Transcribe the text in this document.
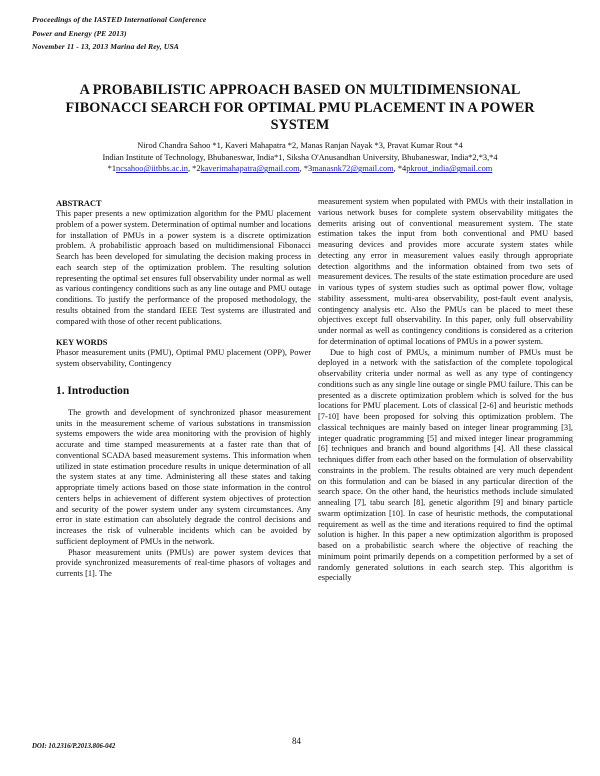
Proceedings of the IASTED International Conference
Power and Energy (PE 2013)
November 11 - 13, 2013 Marina del Rey, USA
A PROBABILISTIC APPROACH BASED ON MULTIDIMENSIONAL FIBONACCI SEARCH FOR OPTIMAL PMU PLACEMENT IN A POWER SYSTEM
Nirod Chandra Sahoo *1, Kaveri Mahapatra *2, Manas Ranjan Nayak *3, Pravat Kumar Rout *4
Indian Institute of Technology, Bhubaneswar, India*1, Siksha O'Anusandhan University, Bhubaneswar, India*2,*3,*4
*1ncsahoo@iitbbs.ac.in, *2kaverimahapatra@gmail.com, *3manasnk72@gmail.com, *4pkrout_india@gmail.com

ABSTRACT

This paper presents a new optimization algorithm for the PMU placement problem of a power system. Determination of optimal number and locations for installation of PMUs in a power system is a discrete optimization problem. A probabilistic approach based on multidimensional Fibonacci Search has been developed for simulating the decision making process in each search step of the optimization problem. The resulting solution representing the optimal set ensures full observability under normal as well as various contingency conditions such as any line outage and PMU outage conditions. To justify the performance of the proposed methodology, the results obtained from the standard IEEE Test systems are illustrated and compared with those of other recent publications.

KEY WORDS

Phasor measurement units (PMU), Optimal PMU placement (OPP), Power system observability, Contingency

1. Introduction

The growth and development of synchronized phasor measurement units in the measurement scheme of various substations in transmission systems empowers the wide area monitoring with the provision of highly accurate and time stamped measurements at a faster rate than that of conventional SCADA based measurement systems. This information when utilized in state estimation procedure results in unique determination of all the system states at any time. Administering all these states and taking appropriate timely actions based on those state information in the control centers helps in achievement of different system objectives of protection and security of the power system under any system circumstances. Any error in state estimation can absolutely degrade the control decisions and increases the risk of vulnerable incidents which can be avoided by sufficient deployment of PMUs in the network.

Phasor measurement units (PMUs) are power system devices that provide synchronized measurements of real-time phasors of voltages and currents [1]. The

measurement system when populated with PMUs with their installation in various network buses for complete system observability mitigates the demerits arising out of conventional measurement system. The state estimation takes the input from both conventional and PMU based measuring devices and provides more accurate system states while detecting any error in measurement values easily through appropriate detection algorithms and the information obtained from two sets of measurement devices. The results of the state estimation procedure are used in various types of system studies such as optimal power flow, voltage stability assessment, multi-area observability, post-fault event analysis, contingency analysis etc. Also the PMUs can be placed to meet these objectives except full observability. In this paper, only full observability under normal as well as contingency conditions is considered as a criterion for determination of optimal locations of PMUs in a power system.

Due to high cost of PMUs, a minimum number of PMUs must be deployed in a network with the satisfaction of the complete topological observability criteria under normal as well as any type of contingency conditions such as any single line outage or single PMU failure. This can be presented as a discrete optimization problem which is solved for the bus locations for PMU placement. Lots of classical [2-6] and heuristic methods [7-10] have been proposed for solving this optimization problem. The classical techniques are mainly based on integer linear programming [3], integer quadratic programming [5] and mixed integer linear programming [6] techniques and branch and bound algorithms [4]. All these classical techniques differ from each other based on the formulation of observability constraints in the problem. The results obtained are very much dependent on this formulation and can be biased in any particular direction of the search space. On the other hand, the heuristics methods include simulated annealing [7], tabu search [8], genetic algorithm [9] and binary particle swarm optimization [10]. In case of heuristic methods, the computational requirement as well as the time and iterations required to find the optimal solution is higher. In this paper a new optimization algorithm is proposed based on a probabilistic search where the objective of reaching the minimum point primarily depends on a competition performed by a set of randomly generated solutions in each search step. This algorithm is especially

84
DOI: 10.2316/P.2013.806-042
